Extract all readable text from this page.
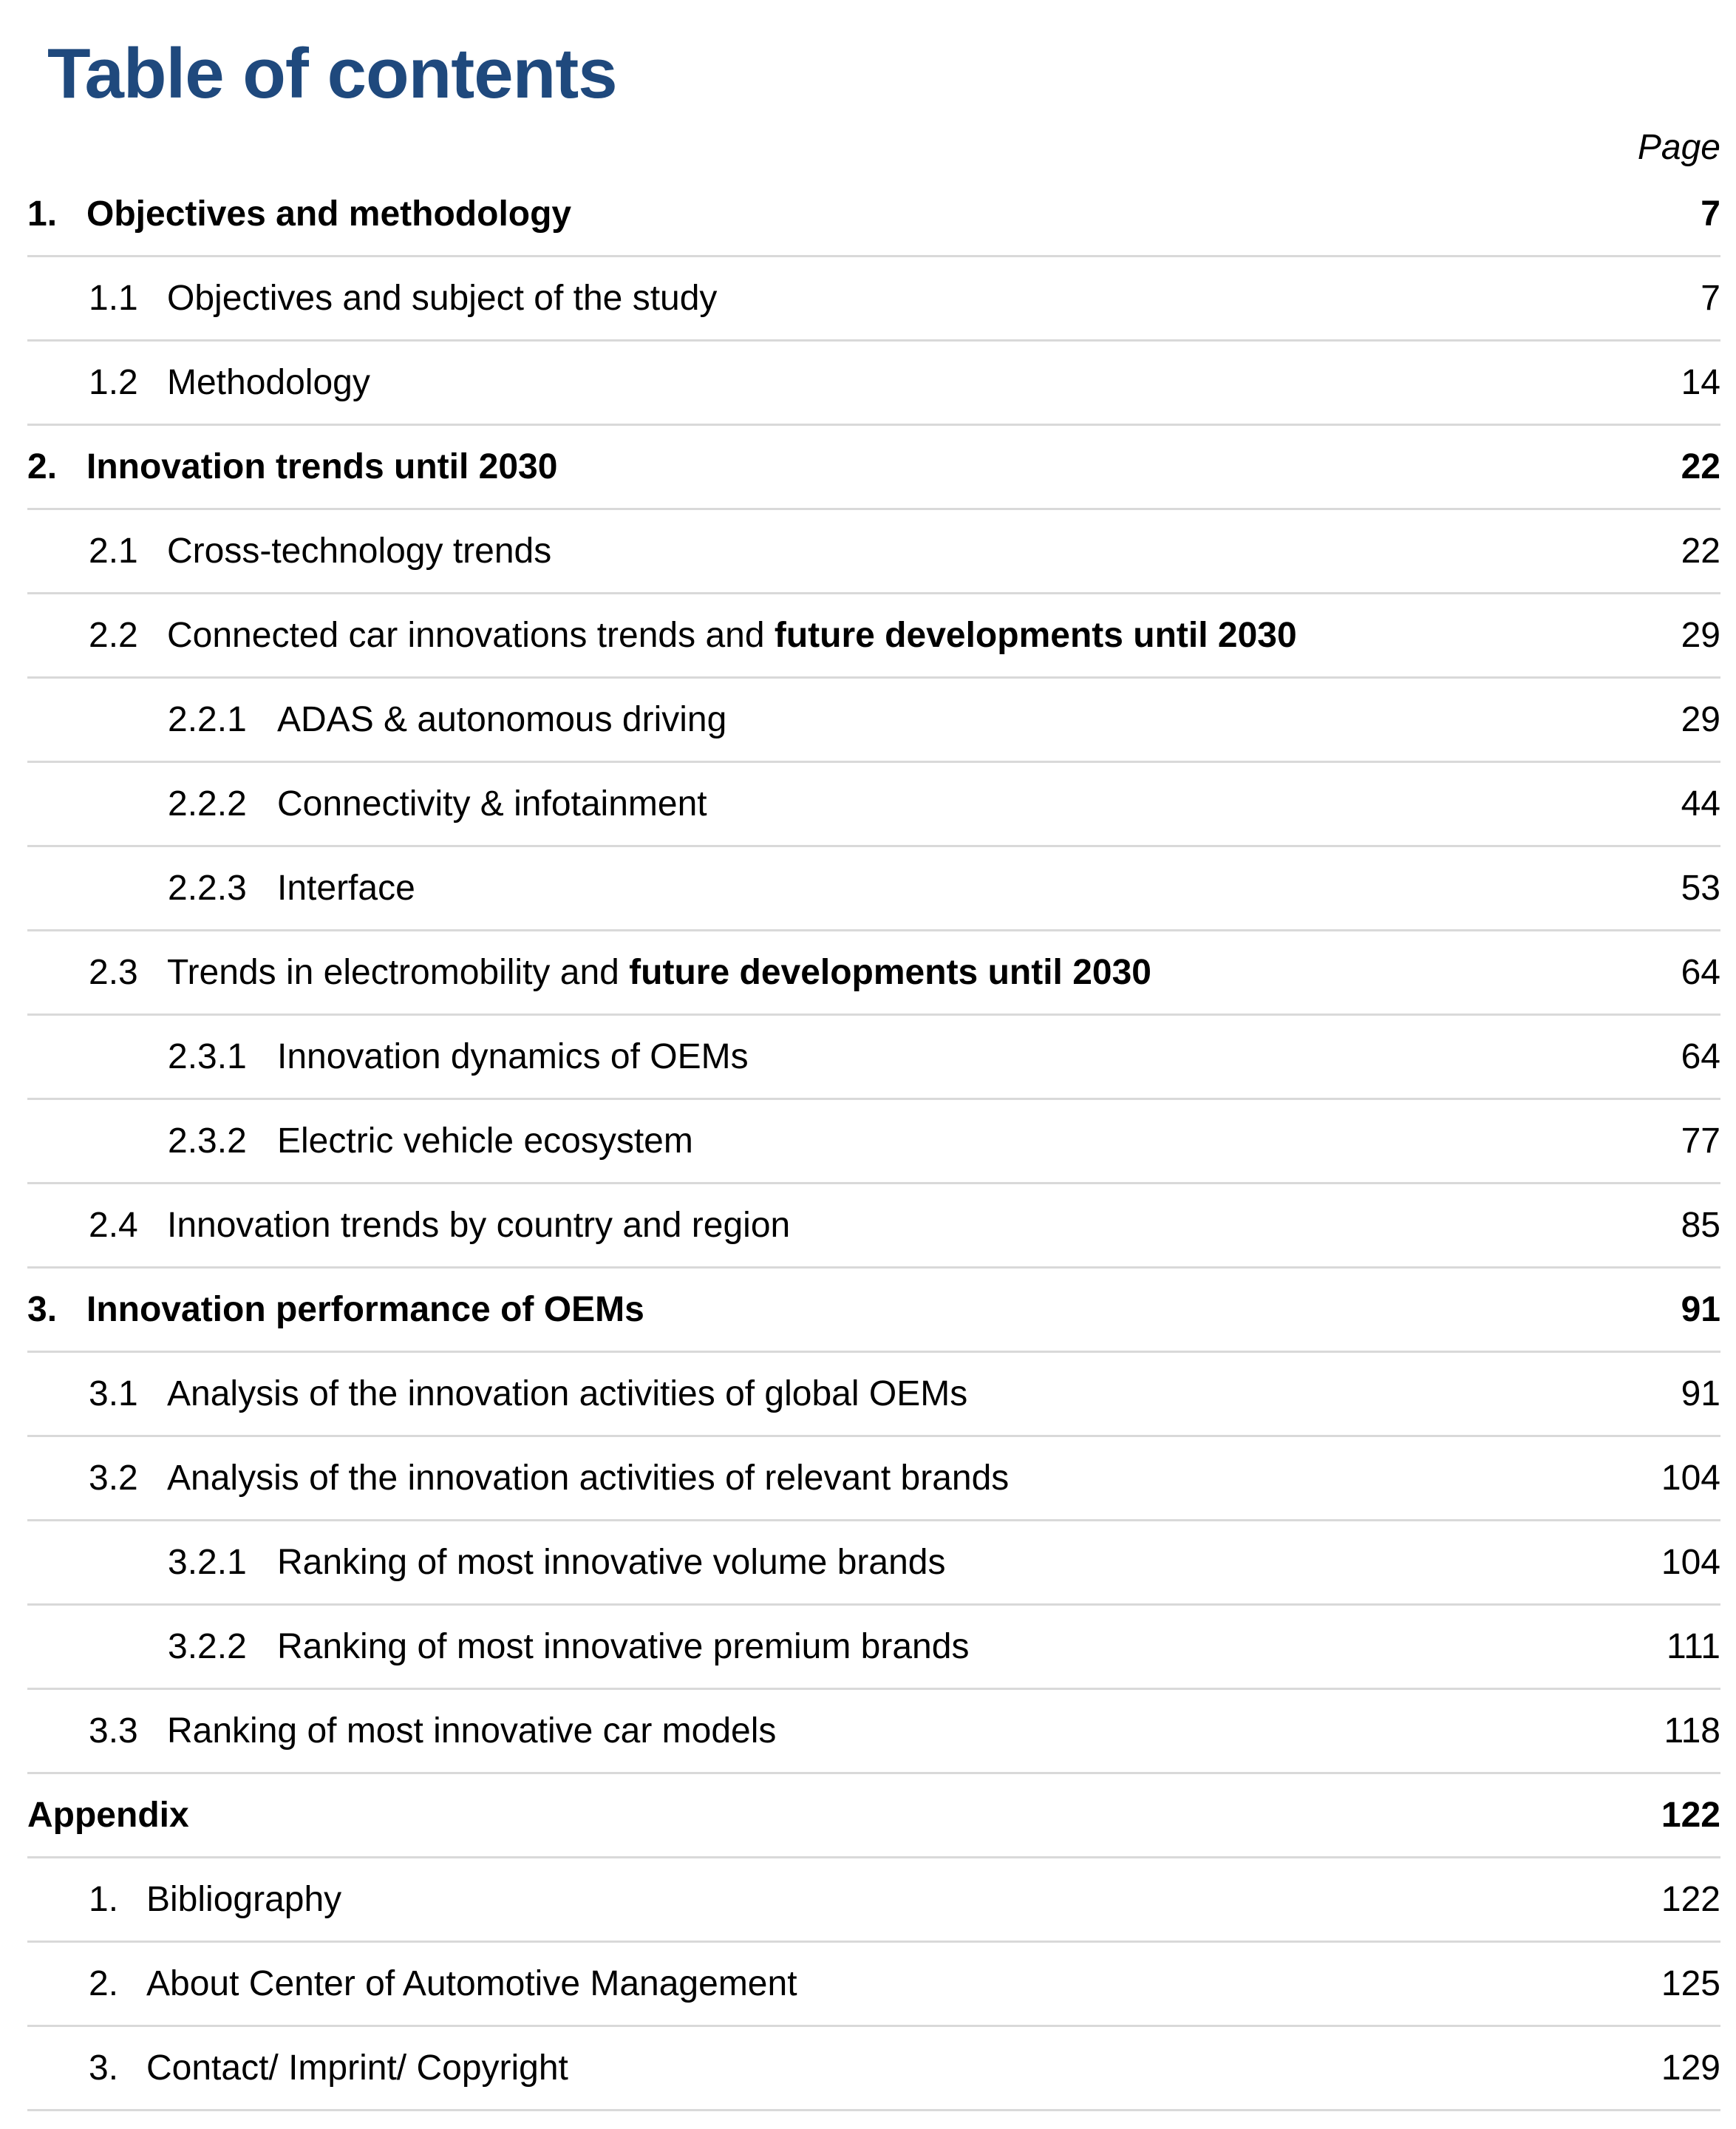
Table of contents
Page
1. Objectives and methodology	7
1.1 Objectives and subject of the study	7
1.2 Methodology	14
2. Innovation trends until 2030	22
2.1 Cross-technology trends	22
2.2 Connected car innovations trends and future developments until 2030	29
2.2.1 ADAS & autonomous driving	29
2.2.2 Connectivity & infotainment	44
2.2.3 Interface	53
2.3 Trends in electromobility and future developments until 2030	64
2.3.1 Innovation dynamics of OEMs	64
2.3.2 Electric vehicle ecosystem	77
2.4 Innovation trends by country and region	85
3. Innovation performance of OEMs	91
3.1 Analysis of the innovation activities of global OEMs	91
3.2 Analysis of the innovation activities of relevant brands	104
3.2.1 Ranking of most innovative volume brands	104
3.2.2 Ranking of most innovative premium brands	111
3.3 Ranking of most innovative car models	118
Appendix	122
1. Bibliography	122
2. About Center of Automotive Management	125
3. Contact/ Imprint/ Copyright	129
